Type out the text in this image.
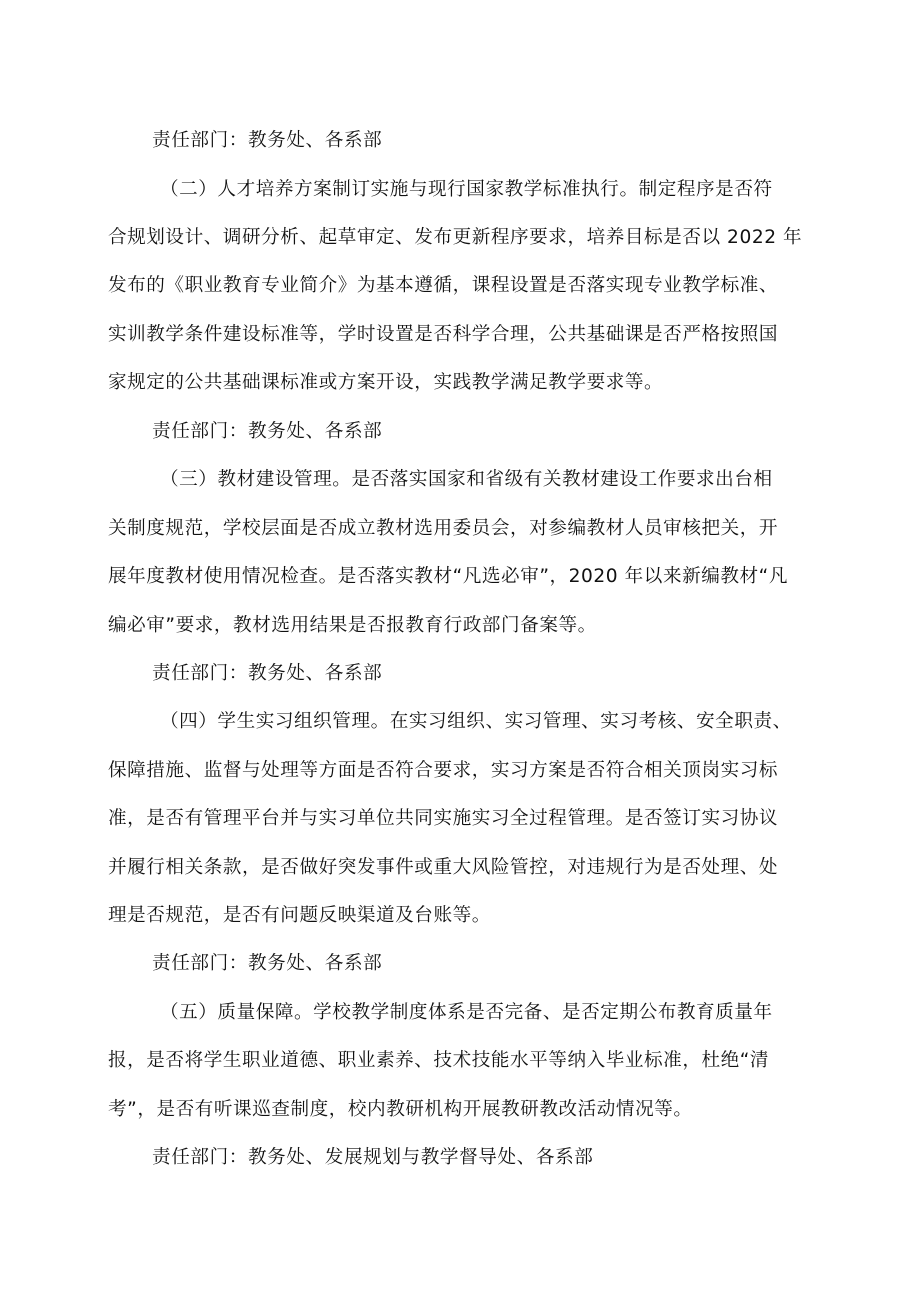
责任部门：教务处、各系部
（二）人才培养方案制订实施与现行国家教学标准执行。制定程序是否符
合规划设计、调研分析、起草审定、发布更新程序要求，培养目标是否以 2022 年
发布的《职业教育专业简介》为基本遵循，课程设置是否落实现专业教学标准、
实训教学条件建设标准等，学时设置是否科学合理，公共基础课是否严格按照国
家规定的公共基础课标准或方案开设，实践教学满足教学要求等。
责任部门：教务处、各系部
（三）教材建设管理。是否落实国家和省级有关教材建设工作要求出台相
关制度规范，学校层面是否成立教材选用委员会，对参编教材人员审核把关，开
展年度教材使用情况检查。是否落实教材“凡选必审”，2020 年以来新编教材“凡
编必审”要求，教材选用结果是否报教育行政部门备案等。
责任部门：教务处、各系部
（四）学生实习组织管理。在实习组织、实习管理、实习考核、安全职责、
保障措施、监督与处理等方面是否符合要求，实习方案是否符合相关顶岗实习标
准，是否有管理平台并与实习单位共同实施实习全过程管理。是否签订实习协议
并履行相关条款，是否做好突发事件或重大风险管控，对违规行为是否处理、处
理是否规范，是否有问题反映渠道及台账等。
责任部门：教务处、各系部
（五）质量保障。学校教学制度体系是否完备、是否定期公布教育质量年
报，是否将学生职业道德、职业素养、技术技能水平等纳入毕业标准，杜绝“清
考”，是否有听课巡查制度，校内教研机构开展教研教改活动情况等。
责任部门：教务处、发展规划与教学督导处、各系部
